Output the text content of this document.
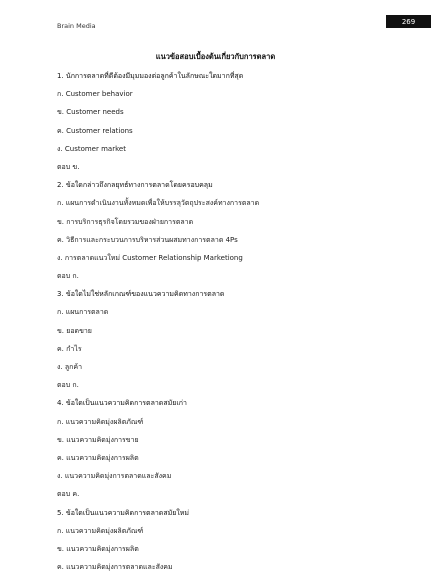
Brain Media
269
แนวข้อสอบเบื้องต้นเกี่ยวกับการตลาด
1. นักการตลาดที่ดีต้องมีมุมมองต่อลูกค้าในลักษณะใดมากที่สุด
ก. Customer behavior
ข. Customer needs
ค. Customer relations
ง. Customer market
ตอบ ข.
2. ข้อใดกล่าวถึงกลยุทธ์ทางการตลาดโดยครอบคลุม
ก. แผนการดำเนินงานทั้งหมดเพื่อให้บรรลุวัตถุประสงค์ทางการตลาด
ข. การบริการธุรกิจโดยรวมของฝ่ายการตลาด
ค. วิธีการและกระบวนการบริหารส่วนผสมทางการตลาด 4Ps
ง. การตลาดแนวใหม่ Customer Relationship Marketiong
ตอบ ก.
3. ข้อใดไม่ใช่หลักเกณฑ์ของแนวความคิดทางการตลาด
ก. แผนการตลาด
ข. ยอดขาย
ค. กำไร
ง. ลูกค้า
ตอบ ก.
4. ข้อใดเป็นแนวความคิดการตลาดสมัยเก่า
ก. แนวความคิดมุ่งผลิตภัณฑ์
ข. แนวความคิดมุ่งการขาย
ค. แนวความคิดมุ่งการผลิต
ง. แนวความคิดมุ่งการตลาดและสังคม
ตอบ ค.
5. ข้อใดเป็นแนวความคิดการตลาดสมัยใหม่
ก. แนวความคิดมุ่งผลิตภัณฑ์
ข. แนวความคิดมุ่งการผลิต
ค. แนวความคิดมุ่งการตลาดและสังคม
